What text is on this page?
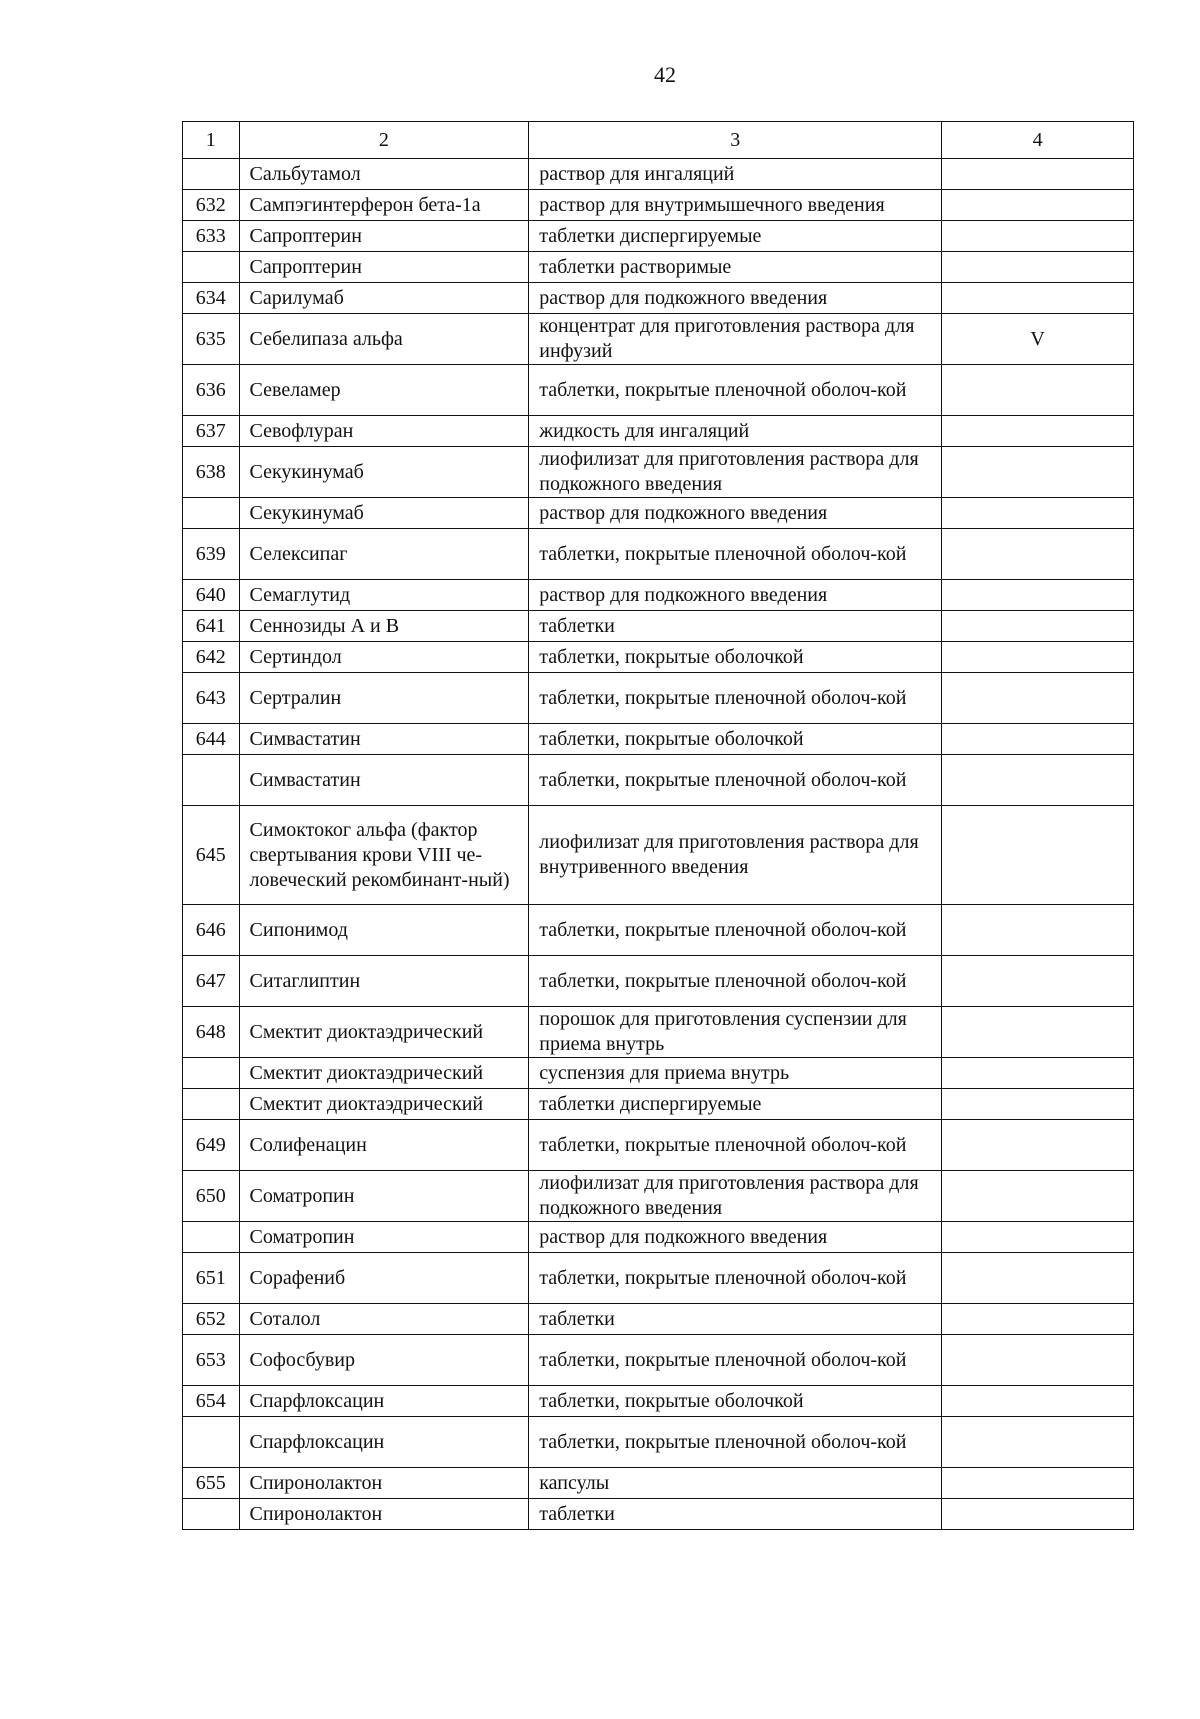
42
1	2	3	4
	Сальбутамол	раствор для ингаляций	
632	Сампэгинтерферон бета-1а	раствор для внутримышечного введения	
633	Сапроптерин	таблетки диспергируемые	
	Сапроптерин	таблетки растворимые	
634	Сарилумаб	раствор для подкожного введения	
635	Себелипаза альфа	концентрат для приготовления раствора для инфузий	V
636	Севеламер	таблетки, покрытые пленочной оболоч-кой	
637	Севофлуран	жидкость для ингаляций	
638	Секукинумаб	лиофилизат для приготовления раствора для подкожного введения	
	Секукинумаб	раствор для подкожного введения	
639	Селексипаг	таблетки, покрытые пленочной оболоч-кой	
640	Семаглутид	раствор для подкожного введения	
641	Сеннозиды А и В	таблетки	
642	Сертиндол	таблетки, покрытые оболочкой	
643	Сертралин	таблетки, покрытые пленочной оболоч-кой	
644	Симвастатин	таблетки, покрытые оболочкой	
	Симвастатин	таблетки, покрытые пленочной оболоч-кой	
645	Симоктоког альфа (фактор свертывания крови VIII че-ловеческий рекомбинант-ный)	лиофилизат для приготовления раствора для внутривенного введения	
646	Сипонимод	таблетки, покрытые пленочной оболоч-кой	
647	Ситаглиптин	таблетки, покрытые пленочной оболоч-кой	
648	Смектит диоктаэдрический	порошок для приготовления суспензии для приема внутрь	
	Смектит диоктаэдрический	суспензия для приема внутрь	
	Смектит диоктаэдрический	таблетки диспергируемые	
649	Солифенацин	таблетки, покрытые пленочной оболоч-кой	
650	Соматропин	лиофилизат для приготовления раствора для подкожного введения	
	Соматропин	раствор для подкожного введения	
651	Сорафениб	таблетки, покрытые пленочной оболоч-кой	
652	Соталол	таблетки	
653	Софосбувир	таблетки, покрытые пленочной оболоч-кой	
654	Спарфлоксацин	таблетки, покрытые оболочкой	
	Спарфлоксацин	таблетки, покрытые пленочной оболоч-кой	
655	Спиронолактон	капсулы	
	Спиронолактон	таблетки	
